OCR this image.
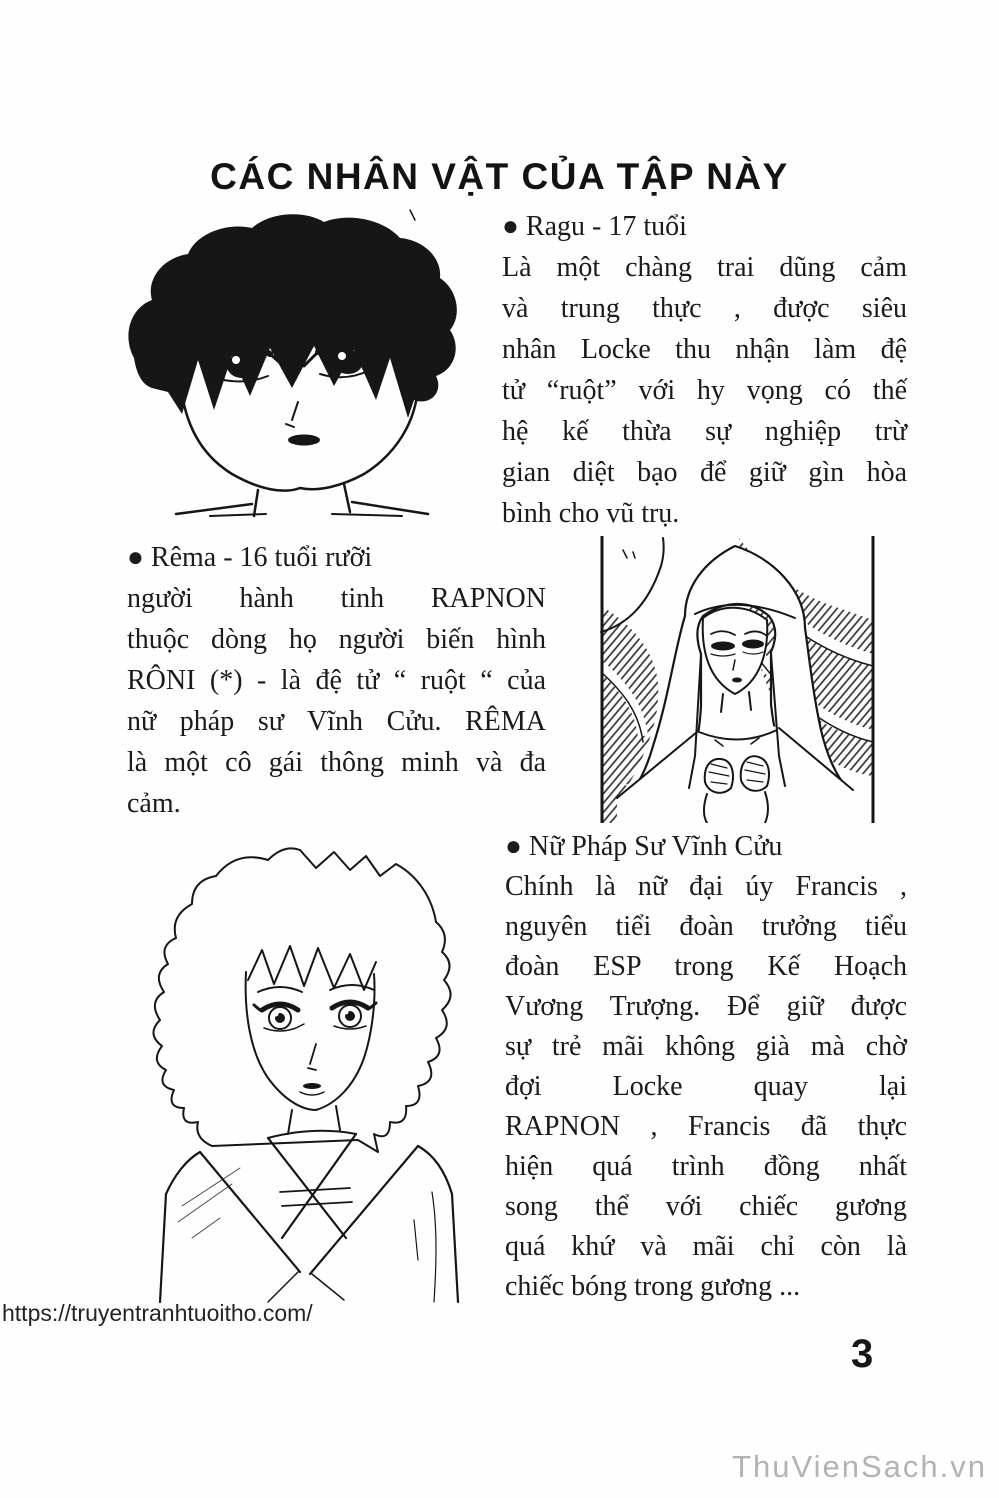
CÁC NHÂN VẬT CỦA TẬP NÀY
● Ragu - 17 tuổi
Là một chàng trai dũng cảm
và trung thực , được siêu
nhân Locke thu nhận làm đệ
tử “ruột” với hy vọng có thế
hệ kế thừa sự nghiệp trừ
gian diệt bạo để giữ gìn hòa
bình cho vũ trụ.
● Rêma - 16 tuổi rưỡi
người hành tinh RAPNON
thuộc dòng họ người biến hình
RÔNI (*) - là đệ tử “ ruột “ của
nữ pháp sư Vĩnh Cửu. RÊMA
là một cô gái thông minh và đa
cảm.
● Nữ Pháp Sư Vĩnh Cửu
Chính là nữ đại úy Francis ,
nguyên tiểi đoàn trưởng tiểu
đoàn ESP trong Kế Hoạch
Vương Trượng. Để giữ được
sự trẻ mãi không già mà chờ
đợi Locke quay lại
RAPNON , Francis đã thực
hiện quá trình đồng nhất
song thể với chiếc gương
quá khứ và mãi chỉ còn là
chiếc bóng trong gương ...
https://truyentranhtuoitho.com/
3
ThuVienSach.vn
